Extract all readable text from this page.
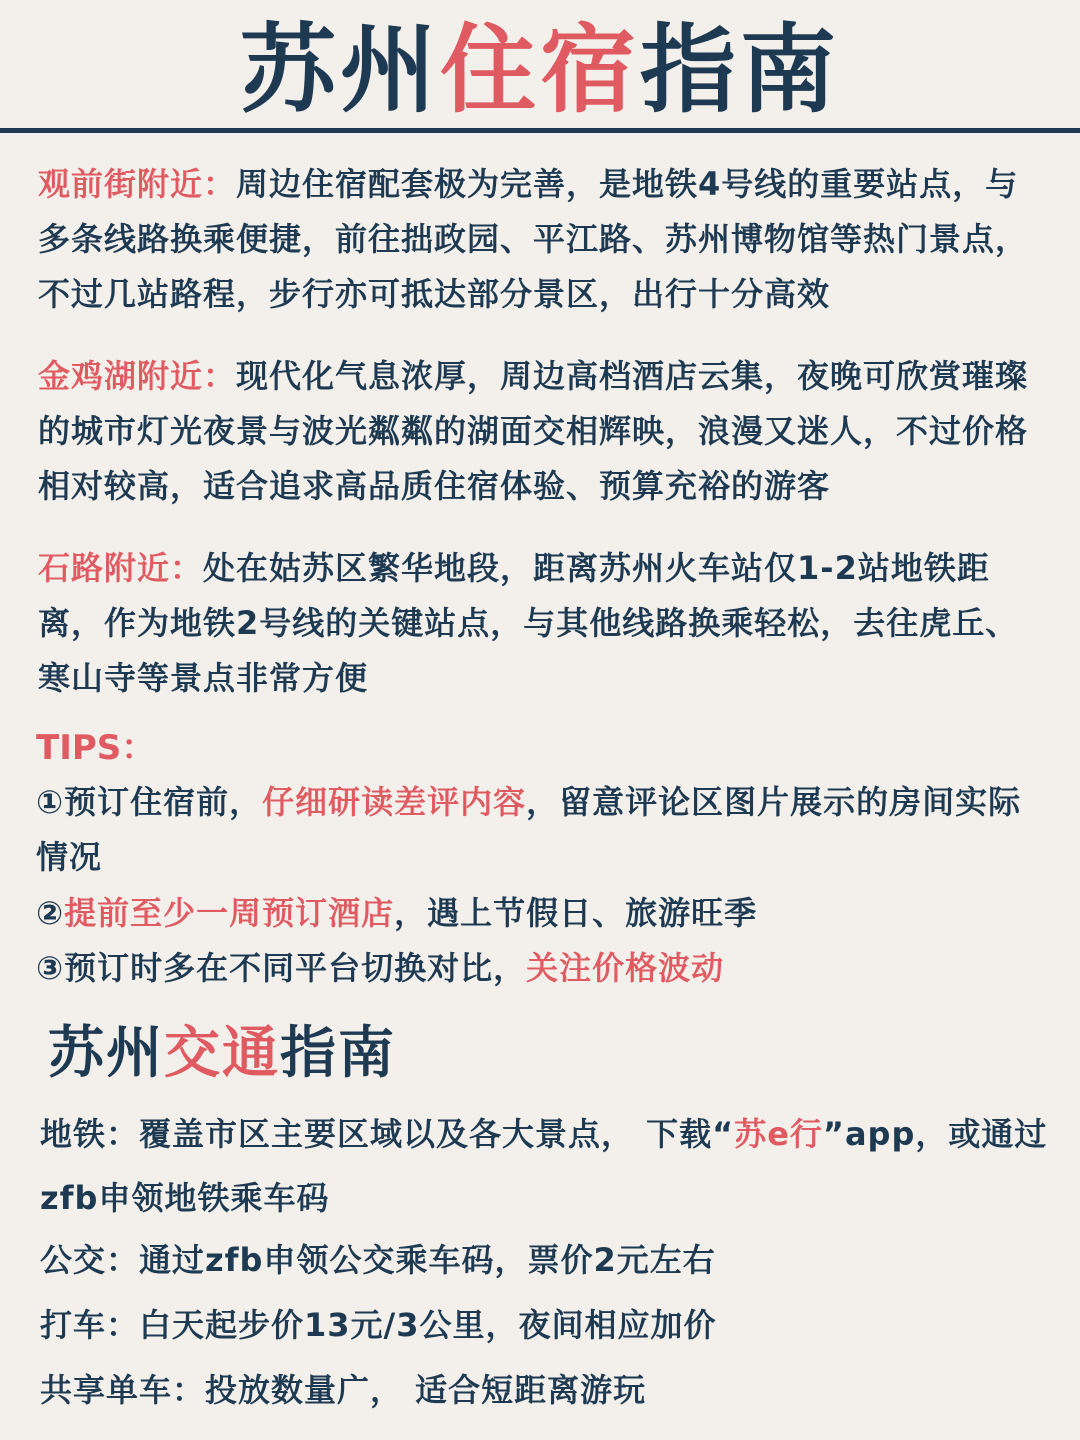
苏州住宿指南

观前街附近：周边住宿配套极为完善，是地铁4号线的重要站点，与多条线路换乘便捷，前往拙政园、平江路、苏州博物馆等热门景点，不过几站路程，步行亦可抵达部分景区，出行十分高效

金鸡湖附近：现代化气息浓厚，周边高档酒店云集，夜晚可欣赏璀璨的城市灯光夜景与波光粼粼的湖面交相辉映，浪漫又迷人，不过价格相对较高，适合追求高品质住宿体验、预算充裕的游客

石路附近：处在姑苏区繁华地段，距离苏州火车站仅1-2站地铁距离，作为地铁2号线的关键站点，与其他线路换乘轻松，去往虎丘、寒山寺等景点非常方便

TIPS：

①预订住宿前，仔细研读差评内容，留意评论区图片展示的房间实际情况

②提前至少一周预订酒店，遇上节假日、旅游旺季

③预订时多在不同平台切换对比，关注价格波动

苏州交通指南

地铁：覆盖市区主要区域以及各大景点， 下载“苏e行”app，或通过zfb申领地铁乘车码

公交：通过zfb申领公交乘车码，票价2元左右

打车：白天起步价13元/3公里，夜间相应加价

共享单车：投放数量广， 适合短距离游玩
